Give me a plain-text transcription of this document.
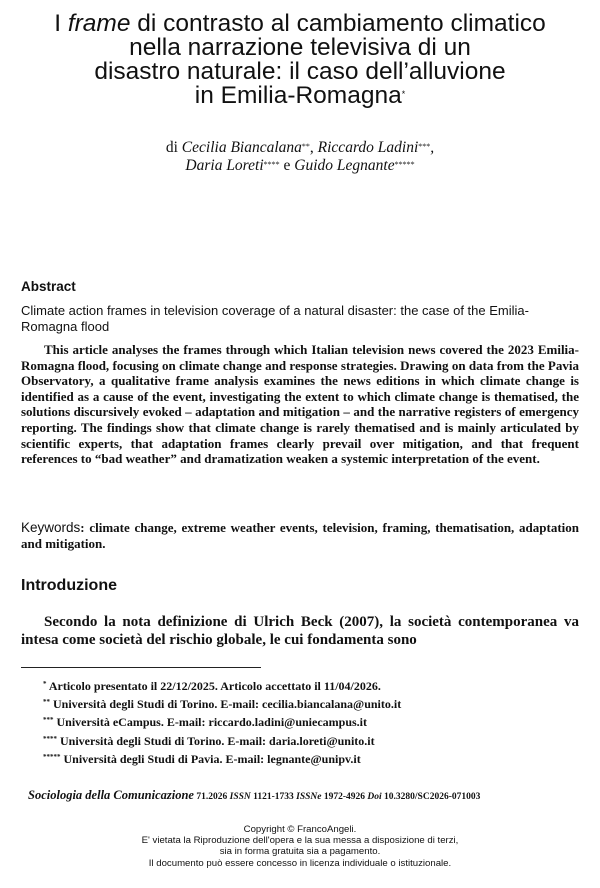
I frame di contrasto al cambiamento climatico
nella narrazione televisiva di un
disastro naturale: il caso dell’alluvione
in Emilia-Romagna*
di Cecilia Biancalana**, Riccardo Ladini***,
Daria Loreti**** e Guido Legnante*****
Abstract
Climate action frames in television coverage of a natural disaster: the case of the Emilia-Romagna flood

This article analyses the frames through which Italian television news covered the 2023 Emilia-Romagna flood, focusing on climate change and response strategies. Drawing on data from the Pavia Observatory, a qualitative frame analysis examines the news editions in which climate change is identified as a cause of the event, investigating the extent to which climate change is thematised, the solutions discursively evoked – adaptation and mitigation – and the narrative registers of emergency reporting. The findings show that climate change is rarely thematised and is mainly articulated by scientific experts, that adaptation frames clearly prevail over mitigation, and that frequent references to “bad weather” and dramatization weaken a systemic interpretation of the event.

Keywords: climate change, extreme weather events, television, framing, thematisation, adaptation and mitigation.
Introduzione

Secondo la nota definizione di Ulrich Beck (2007), la società contemporanea va intesa come società del rischio globale, le cui fondamenta sono

* Articolo presentato il 22/12/2025. Articolo accettato il 11/04/2026.
** Università degli Studi di Torino. E-mail: cecilia.biancalana@unito.it
*** Università eCampus. E-mail: riccardo.ladini@uniecampus.it
**** Università degli Studi di Torino. E-mail: daria.loreti@unito.it
***** Università degli Studi di Pavia. E-mail: legnante@unipv.it
Sociologia della Comunicazione 71.2026 ISSN 1121-1733 ISSNe 1972-4926 Doi 10.3280/SC2026-071003
Copyright © FrancoAngeli.
E' vietata la Riproduzione dell'opera e la sua messa a disposizione di terzi,
sia in forma gratuita sia a pagamento.
Il documento può essere concesso in licenza individuale o istituzionale.
